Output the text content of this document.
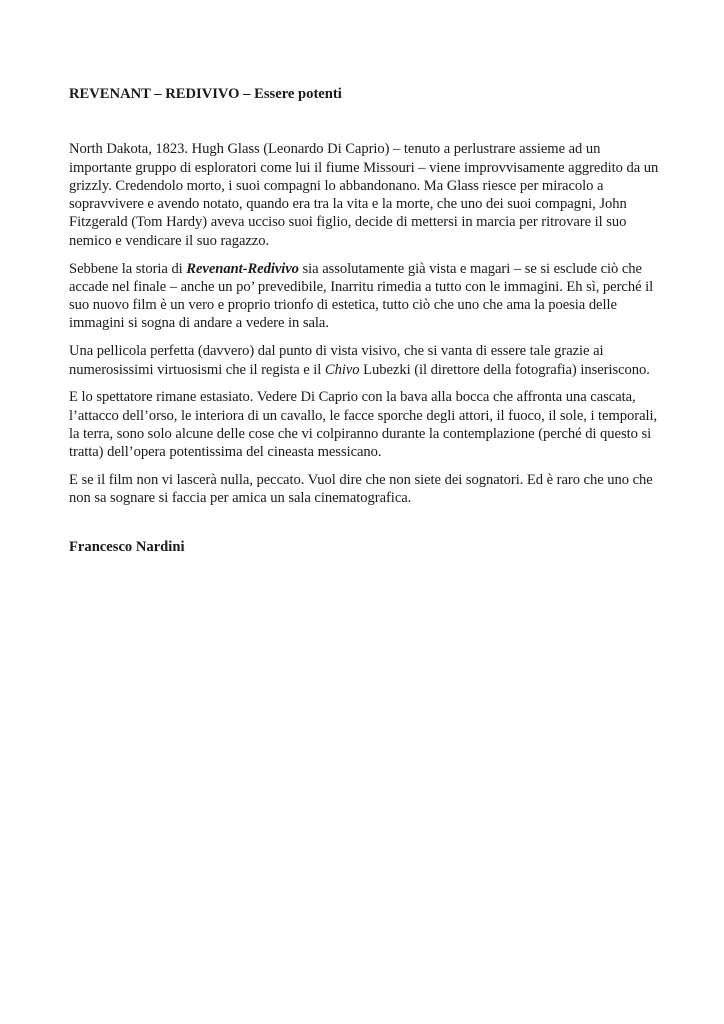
REVENANT – REDIVIVO – Essere potenti

North Dakota, 1823. Hugh Glass (Leonardo Di Caprio) – tenuto a perlustrare assieme ad un importante gruppo di esploratori come lui il fiume Missouri – viene improvvisamente aggredito da un grizzly. Credendolo morto, i suoi compagni lo abbandonano. Ma Glass riesce per miracolo a sopravvivere e avendo notato, quando era tra la vita e la morte, che uno dei suoi compagni, John Fitzgerald (Tom Hardy) aveva ucciso suoi figlio, decide di mettersi in marcia per ritrovare il suo nemico e vendicare il suo ragazzo.

Sebbene la storia di Revenant-Redivivo sia assolutamente già vista e magari – se si esclude ciò che accade nel finale – anche un po’ prevedibile, Inarritu rimedia a tutto con le immagini. Eh sì, perché il suo nuovo film è un vero e proprio trionfo di estetica, tutto ciò che uno che ama la poesia delle immagini si sogna di andare a vedere in sala.

Una pellicola perfetta (davvero) dal punto di vista visivo, che si vanta di essere tale grazie ai numerosissimi virtuosismi che il regista e il Chivo Lubezki (il direttore della fotografia) inseriscono.

E lo spettatore rimane estasiato. Vedere Di Caprio con la bava alla bocca che affronta una cascata, l’attacco dell’orso, le interiora di un cavallo, le facce sporche degli attori, il fuoco, il sole, i temporali, la terra, sono solo alcune delle cose che vi colpiranno durante la contemplazione (perché di questo si tratta) dell’opera potentissima del cineasta messicano.

E se il film non vi lascerà nulla, peccato. Vuol dire che non siete dei sognatori. Ed è raro che uno che non sa sognare si faccia per amica un sala cinematografica.

Francesco Nardini
